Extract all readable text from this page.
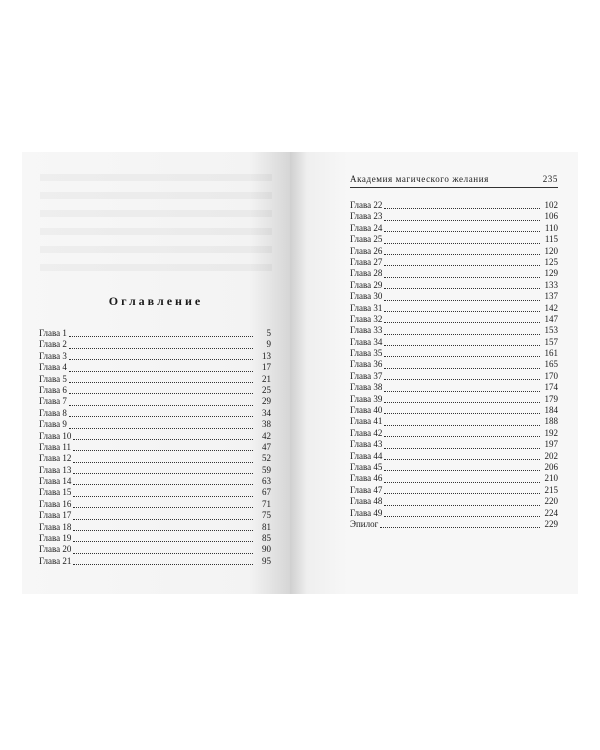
Оглавление
Глава 1	5
Глава 2	9
Глава 3	13
Глава 4	17
Глава 5	21
Глава 6	25
Глава 7	29
Глава 8	34
Глава 9	38
Глава 10	42
Глава 11	47
Глава 12	52
Глава 13	59
Глава 14	63
Глава 15	67
Глава 16	71
Глава 17	75
Глава 18	81
Глава 19	85
Глава 20	90
Глава 21	95
Академия магического желания	235
Глава 22	102
Глава 23	106
Глава 24	110
Глава 25	115
Глава 26	120
Глава 27	125
Глава 28	129
Глава 29	133
Глава 30	137
Глава 31	142
Глава 32	147
Глава 33	153
Глава 34	157
Глава 35	161
Глава 36	165
Глава 37	170
Глава 38	174
Глава 39	179
Глава 40	184
Глава 41	188
Глава 42	192
Глава 43	197
Глава 44	202
Глава 45	206
Глава 46	210
Глава 47	215
Глава 48	220
Глава 49	224
Эпилог	229
